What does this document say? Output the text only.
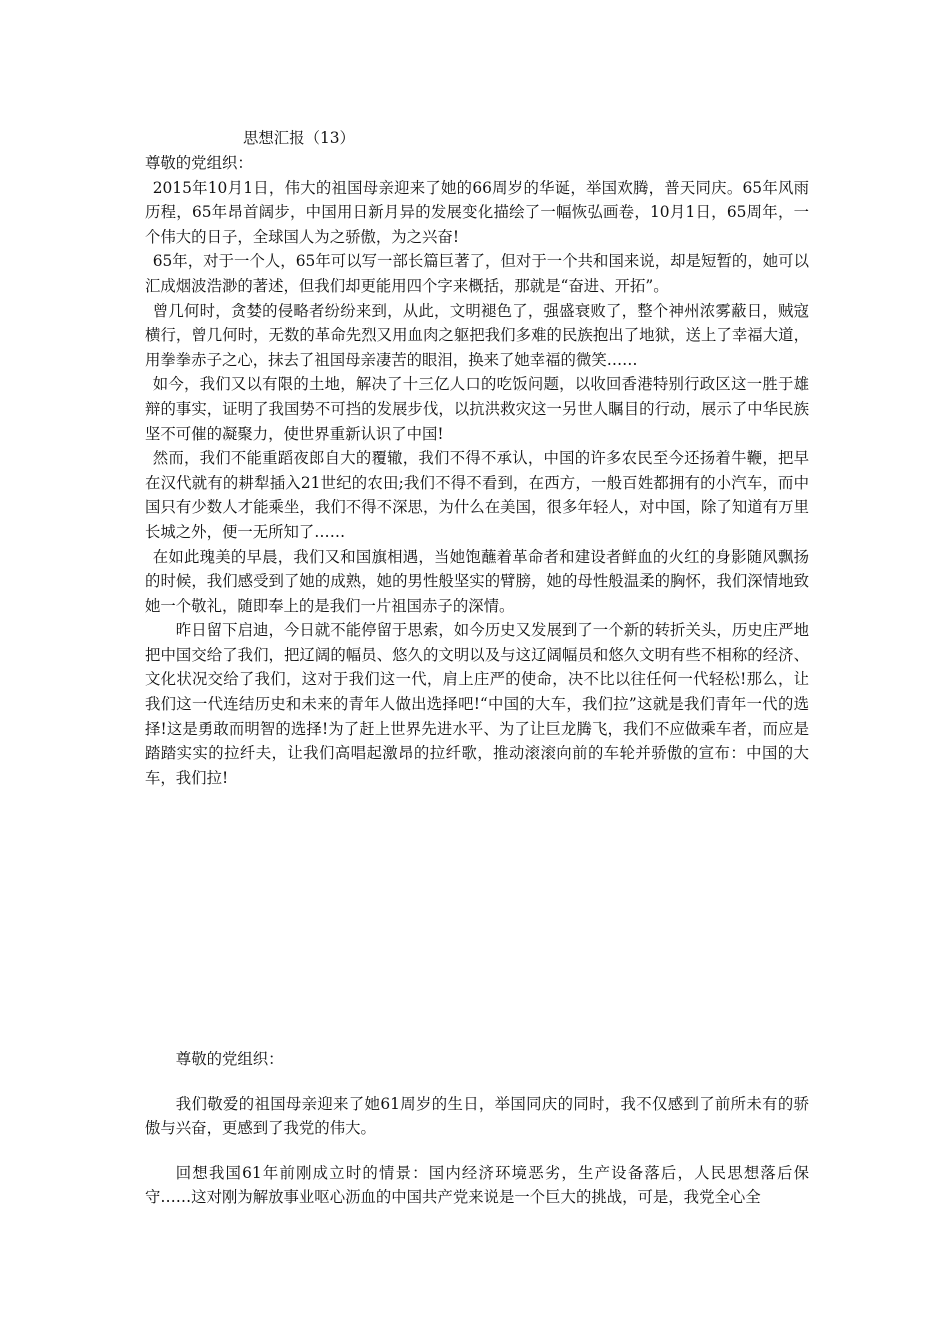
思想汇报（13）

尊敬的党组织：

2015年10月1日，伟大的祖国母亲迎来了她的66周岁的华诞，举国欢腾，普天同庆。65年风雨历程，65年昂首阔步，中国用日新月异的发展变化描绘了一幅恢弘画卷，10月1日，65周年，一个伟大的日子，全球国人为之骄傲，为之兴奋!

65年，对于一个人，65年可以写一部长篇巨著了，但对于一个共和国来说，却是短暂的，她可以汇成烟波浩渺的著述，但我们却更能用四个字来概括，那就是“奋进、开拓”。

曾几何时，贪婪的侵略者纷纷来到，从此，文明褪色了，强盛衰败了，整个神州浓雾蔽日，贼寇横行，曾几何时，无数的革命先烈又用血肉之躯把我们多难的民族抱出了地狱，送上了幸福大道，用拳拳赤子之心，抹去了祖国母亲凄苦的眼泪，换来了她幸福的微笑……

如今，我们又以有限的土地，解决了十三亿人口的吃饭问题，以收回香港特别行政区这一胜于雄辩的事实，证明了我国势不可挡的发展步伐，以抗洪救灾这一另世人瞩目的行动，展示了中华民族坚不可催的凝聚力，使世界重新认识了中国!

然而，我们不能重蹈夜郎自大的覆辙，我们不得不承认，中国的许多农民至今还扬着牛鞭，把早在汉代就有的耕犁插入21世纪的农田;我们不得不看到，在西方，一般百姓都拥有的小汽车，而中国只有少数人才能乘坐，我们不得不深思，为什么在美国，很多年轻人，对中国，除了知道有万里长城之外，便一无所知了……

在如此瑰美的早晨，我们又和国旗相遇，当她饱蘸着革命者和建设者鲜血的火红的身影随风飘扬的时候，我们感受到了她的成熟，她的男性般坚实的臂膀，她的母性般温柔的胸怀，我们深情地致她一个敬礼，随即奉上的是我们一片祖国赤子的深情。

昨日留下启迪，今日就不能停留于思索，如今历史又发展到了一个新的转折关头，历史庄严地把中国交给了我们，把辽阔的幅员、悠久的文明以及与这辽阔幅员和悠久文明有些不相称的经济、文化状况交给了我们，这对于我们这一代，肩上庄严的使命，决不比以往任何一代轻松!那么，让我们这一代连结历史和未来的青年人做出选择吧!“中国的大车，我们拉”这就是我们青年一代的选择!这是勇敢而明智的选择!为了赶上世界先进水平、为了让巨龙腾飞，我们不应做乘车者，而应是踏踏实实的拉纤夫，让我们高唱起激昂的拉纤歌，推动滚滚向前的车轮并骄傲的宣布：中国的大车，我们拉!

尊敬的党组织：

我们敬爱的祖国母亲迎来了她61周岁的生日，举国同庆的同时，我不仅感到了前所未有的骄傲与兴奋，更感到了我党的伟大。

回想我国61年前刚成立时的情景：国内经济环境恶劣，生产设备落后，人民思想落后保守……这对刚为解放事业呕心沥血的中国共产党来说是一个巨大的挑战，可是，我党全心全
